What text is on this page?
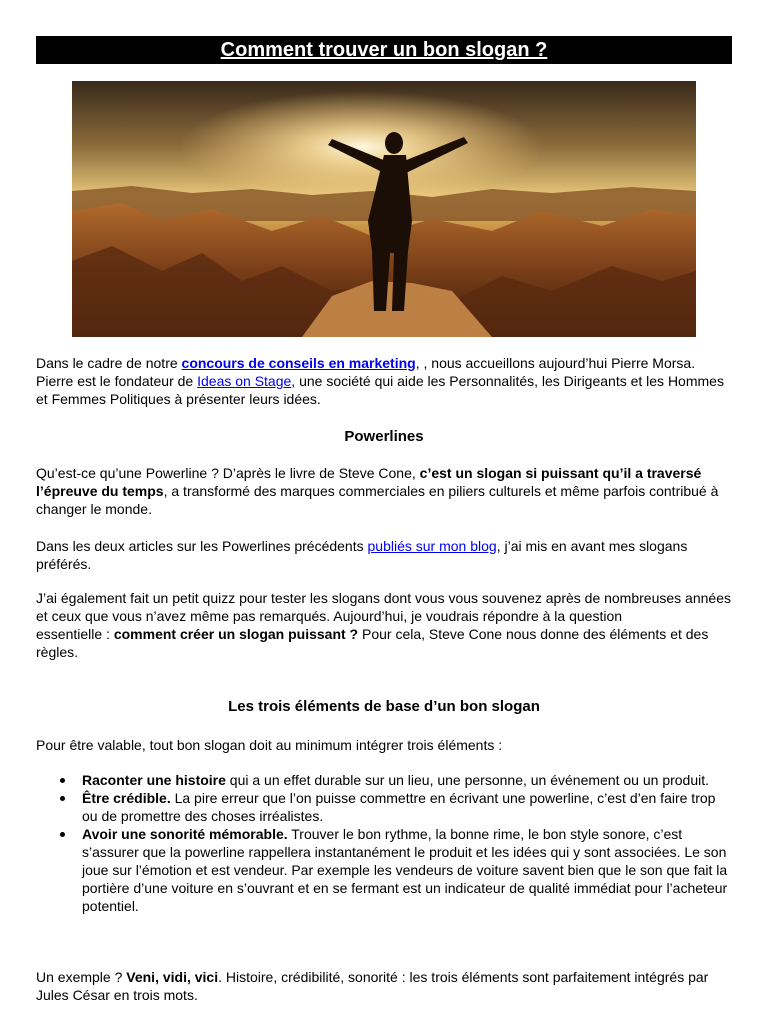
Comment trouver un bon slogan ?

Dans le cadre de notre concours de conseils en marketing, , nous accueillons aujourd’hui Pierre Morsa. Pierre est le fondateur de Ideas on Stage, une société qui aide les Personnalités, les Dirigeants et les Hommes et Femmes Politiques à présenter leurs idées.

Powerlines

Qu’est-ce qu’une Powerline ? D’après le livre de Steve Cone, c’est un slogan si puissant qu’il a traversé l’épreuve du temps, a transformé des marques commerciales en piliers culturels et même parfois contribué à changer le monde.

Dans les deux articles sur les Powerlines précédents publiés sur mon blog, j’ai mis en avant mes slogans préférés.

J’ai également fait un petit quizz pour tester les slogans dont vous vous souvenez après de nombreuses années et ceux que vous n’avez même pas remarqués. Aujourd’hui, je voudrais répondre à la question
essentielle : comment créer un slogan puissant ? Pour cela, Steve Cone nous donne des éléments et des règles.

Les trois éléments de base d’un bon slogan

Pour être valable, tout bon slogan doit au minimum intégrer trois éléments :

Raconter une histoire qui a un effet durable sur un lieu, une personne, un événement ou un produit.
Être crédible. La pire erreur que l’on puisse commettre en écrivant une powerline, c’est d’en faire trop ou de promettre des choses irréalistes.
Avoir une sonorité mémorable. Trouver le bon rythme, la bonne rime, le bon style sonore, c’est s’assurer que la powerline rappellera instantanément le produit et les idées qui y sont associées. Le son
joue sur l’émotion et est vendeur. Par exemple les vendeurs de voiture savent bien que le son que fait la portière d’une voiture en s’ouvrant et en se fermant est un indicateur de qualité immédiat pour l’acheteur potentiel.

Un exemple ? Veni, vidi, vici. Histoire, crédibilité, sonorité : les trois éléments sont parfaitement intégrés par Jules César en trois mots.
